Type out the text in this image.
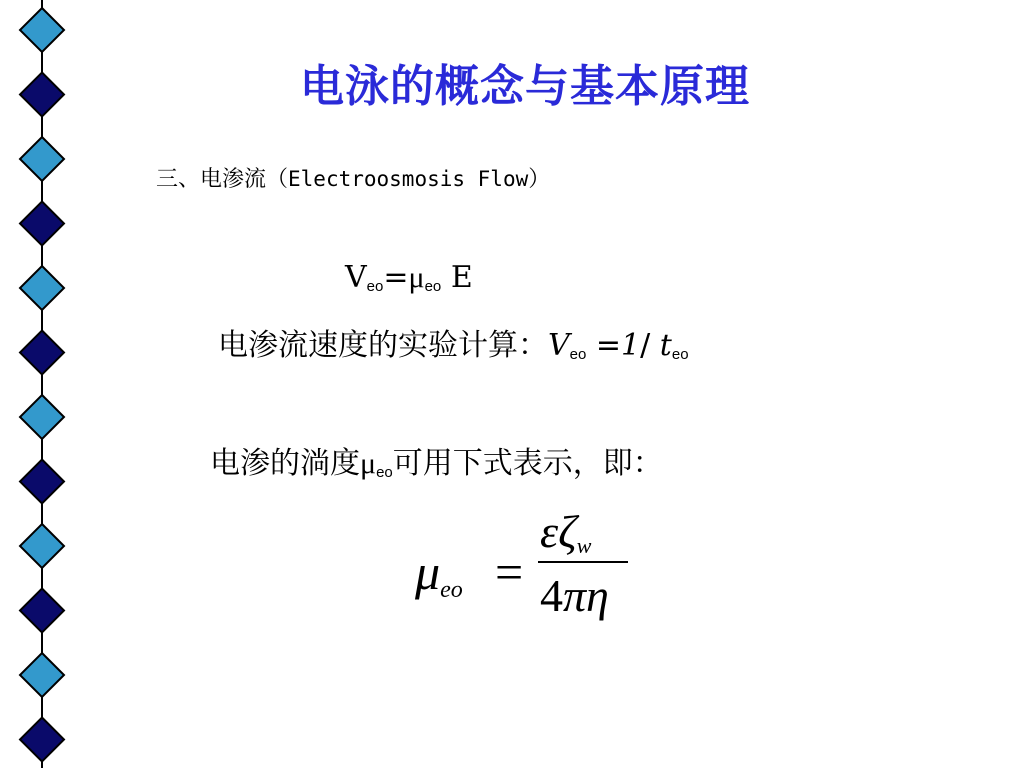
电泳的概念与基本原理
三、电渗流（Electroosmosis Flow）
$V_{eo}=\mu_{eo}$ E
电渗流速度的实验计算：$V_{eo} =1/$ $t_{eo}$
电渗的淌度$\mu_{eo}$可用下式表示，即：
$\mu_{eo}$ =
$\varepsilon\zeta_w$
4πη
